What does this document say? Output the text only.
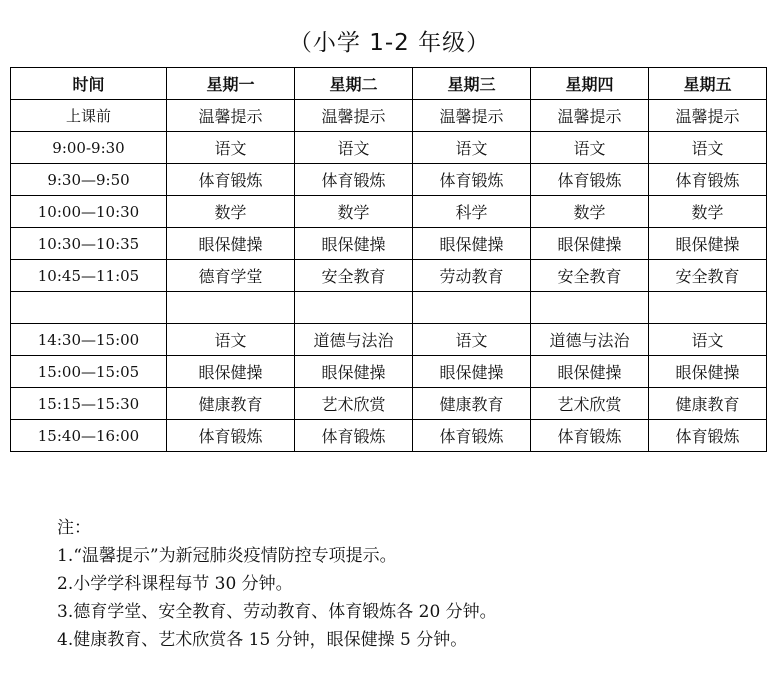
（小学 1-2 年级）
时间	星期一	星期二	星期三	星期四	星期五
上课前	温馨提示	温馨提示	温馨提示	温馨提示	温馨提示
9:00-9:30	语文	语文	语文	语文	语文
9:30—9:50	体育锻炼	体育锻炼	体育锻炼	体育锻炼	体育锻炼
10:00—10:30	数学	数学	科学	数学	数学
10:30—10:35	眼保健操	眼保健操	眼保健操	眼保健操	眼保健操
10:45—11:05	德育学堂	安全教育	劳动教育	安全教育	安全教育

14:30—15:00	语文	道德与法治	语文	道德与法治	语文
15:00—15:05	眼保健操	眼保健操	眼保健操	眼保健操	眼保健操
15:15—15:30	健康教育	艺术欣赏	健康教育	艺术欣赏	健康教育
15:40—16:00	体育锻炼	体育锻炼	体育锻炼	体育锻炼	体育锻炼
注：
1.“温馨提示”为新冠肺炎疫情防控专项提示。
2.小学学科课程每节 30 分钟。
3.德育学堂、安全教育、劳动教育、体育锻炼各 20 分钟。
4.健康教育、艺术欣赏各 15 分钟，眼保健操 5 分钟。
